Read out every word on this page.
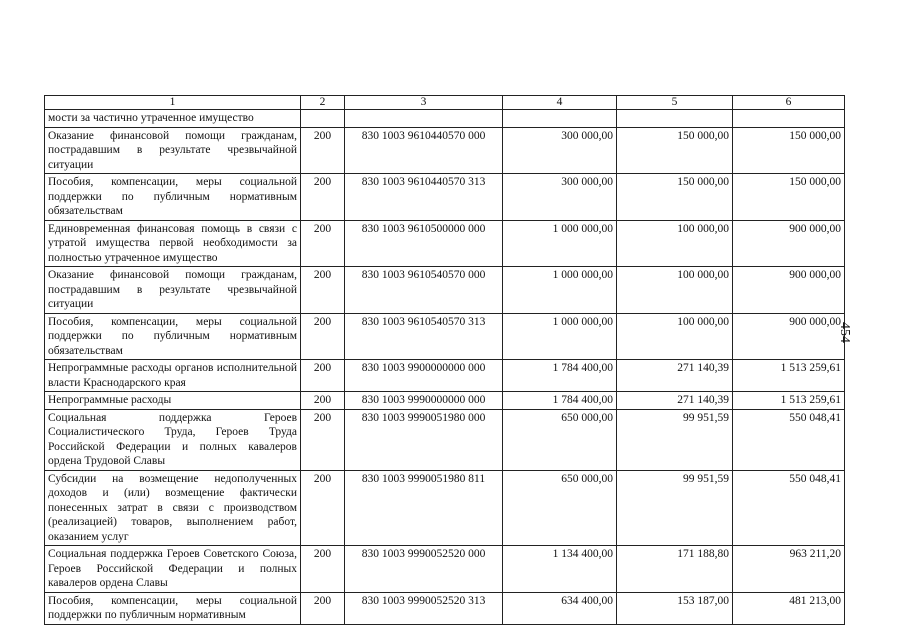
1	2	3	4	5	6
мости за частично утраченное имущество					
Оказание финансовой помощи гражданам, пострадавшим в результате чрезвычайной ситуации	200	830 1003 9610440570 000	300 000,00	150 000,00	150 000,00
Пособия, компенсации, меры социальной поддержки по публичным нормативным обязательствам	200	830 1003 9610440570 313	300 000,00	150 000,00	150 000,00
Единовременная финансовая помощь в связи с утратой имущества первой необходимости за полностью утраченное имущество	200	830 1003 9610500000 000	1 000 000,00	100 000,00	900 000,00
Оказание финансовой помощи гражданам, пострадавшим в результате чрезвычайной ситуации	200	830 1003 9610540570 000	1 000 000,00	100 000,00	900 000,00
Пособия, компенсации, меры социальной поддержки по публичным нормативным обязательствам	200	830 1003 9610540570 313	1 000 000,00	100 000,00	900 000,00
Непрограммные расходы органов исполнительной власти Краснодарского края	200	830 1003 9900000000 000	1 784 400,00	271 140,39	1 513 259,61
Непрограммные расходы	200	830 1003 9990000000 000	1 784 400,00	271 140,39	1 513 259,61
Социальная поддержка Героев Социалистического Труда, Героев Труда Российской Федерации и полных кавалеров ордена Трудовой Славы	200	830 1003 9990051980 000	650 000,00	99 951,59	550 048,41
Субсидии на возмещение недополученных доходов и (или) возмещение фактически понесенных затрат в связи с производством (реализацией) товаров, выполнением работ, оказанием услуг	200	830 1003 9990051980 811	650 000,00	99 951,59	550 048,41
Социальная поддержка Героев Советского Союза, Героев Российской Федерации и полных кавалеров ордена Славы	200	830 1003 9990052520 000	1 134 400,00	171 188,80	963 211,20
Пособия, компенсации, меры социальной поддержки по публичным нормативным	200	830 1003 9990052520 313	634 400,00	153 187,00	481 213,00
454
